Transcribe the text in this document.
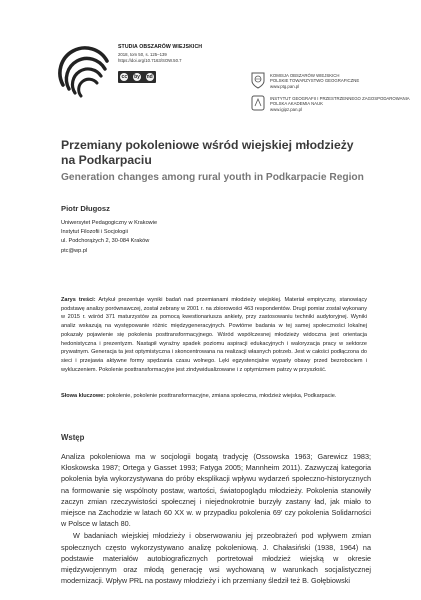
STUDIA OBSZARÓW WIEJSKICH
2018, tom 50, s. 125–139
https://doi.org/10.7163/SOW.50.7
cc by nd	KOMISJA OBSZARÓW WIEJSKICH
POLSKIE TOWARZYSTWO GEOGRAFICZNE
www.ptg.pan.pl
INSTYTUT GEOGRAFII I PRZESTRZENNEGO ZAGOSPODAROWANIA
POLSKA AKADEMIA NAUK
www.igipz.pan.pl
Przemiany pokoleniowe wśród wiejskiej młodzieży
na Podkarpaciu
Generation changes among rural youth in Podkarpacie Region
Piotr Długosz
Uniwersytet Pedagogiczny w Krakowie
Instytut Filozofii i Socjologii
ul. Podchorążych 2, 30-084 Kraków
ptc@wp.pl
Zarys treści: Artykuł prezentuje wyniki badań nad przemianami młodzieży wiejskiej. Materiał empiryczny, stanowiący podstawę analizy porównawczej, został zebrany w 2001 r. na zbiorowości 463 respondentów. Drugi pomiar został wykonany w 2015 r. wśród 371 maturzystów za pomocą kwestionariusza ankiety, przy zastosowaniu techniki audytoryjnej. Wyniki analiz wskazują na występowanie różnic międzygeneracyjnych. Powtórne badania w tej samej społeczności lokalnej pokazały pojawienie się pokolenia posttransformacyjnego. Wśród współczesnej młodzieży widoczna jest orientacja hedonistyczna i prezentyzm. Nastąpił wyraźny spadek poziomu aspiracji edukacyjnych i waloryzacja pracy w sektorze prywatnym. Generacja ta jest optymistyczna i skoncentrowana na realizacji własnych potrzeb. Jest w całości podłączona do sieci i przejawia aktywne formy spędzania czasu wolnego. Lęki egzystencjalne wyparły obawy przed bezrobociem i wykluczeniem. Pokolenie posttransformacyjne jest zindywidualizowane i z optymizmem patrzy w przyszłość.
Słowa kluczowe: pokolenie, pokolenie posttransformacyjne, zmiana społeczna, młodzież wiejska, Podkarpacie.
Wstęp

Analiza pokoleniowa ma w socjologii bogatą tradycję (Ossowska 1963; Garewicz 1983; Kłoskowska 1987; Ortega y Gasset 1993; Fatyga 2005; Mannheim 2011). Zazwyczaj kategoria pokolenia była wykorzystywana do próby eksplikacji wpływu wydarzeń społeczno-historycznych na formowanie się wspólnoty postaw, wartości, światopoglądu młodzieży. Pokolenia stanowiły zaczyn zmian rzeczywistości społecznej i niejednokrotnie burzyły zastany ład, jak miało to miejsce na Zachodzie w latach 60 XX w. w przypadku pokolenia 69' czy pokolenia Solidarności w Polsce w latach 80.

W badaniach wiejskiej młodzieży i obserwowaniu jej przeobrażeń pod wpływem zmian społecznych często wykorzystywano analizę pokoleniową. J. Chałasiński (1938, 1964) na podstawie materiałów autobiograficznych portretował młodzież wiejską w okresie międzywojennym oraz młodą generację wsi wychowaną w warunkach socjalistycznej modernizacji. Wpływ PRL na postawy młodzieży i ich przemiany śledził też B. Gołębiowski
